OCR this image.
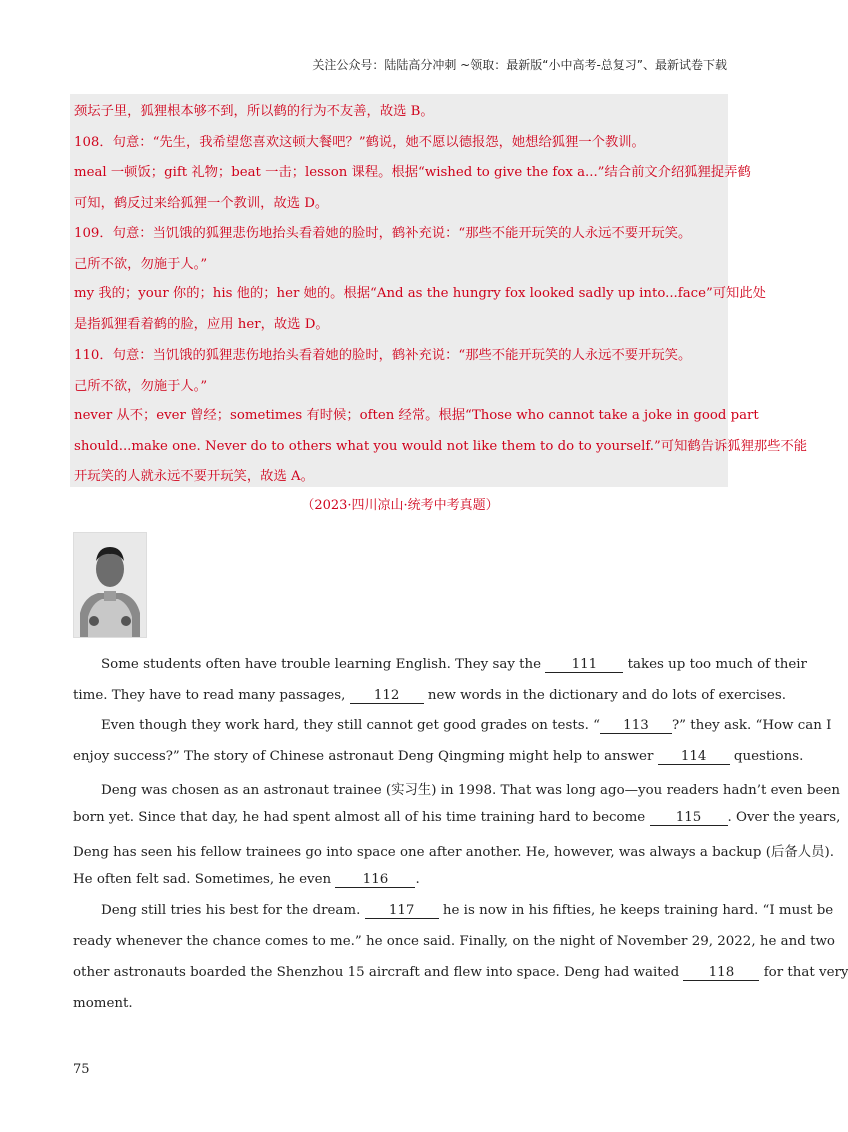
关注公众号：陆陆高分冲刺 ~领取：最新版“小中高考-总复习”、最新试卷下载

颈坛子里，狐狸根本够不到，所以鹤的行为不友善，故选 B。

108．句意：“先生，我希望您喜欢这顿大餐吧？”鹤说，她不愿以德报怨，她想给狐狸一个教训。

meal 一顿饭；gift 礼物；beat 一击；lesson 课程。根据“wished to give the fox a...”结合前文介绍狐狸捉弄鹤

可知，鹤反过来给狐狸一个教训，故选 D。

109．句意：当饥饿的狐狸悲伤地抬头看着她的脸时，鹤补充说：“那些不能开玩笑的人永远不要开玩笑。

己所不欲，勿施于人。”

my 我的；your 你的；his 他的；her 她的。根据“And as the hungry fox looked sadly up into...face”可知此处

是指狐狸看着鹤的脸，应用 her，故选 D。

110．句意：当饥饿的狐狸悲伤地抬头看着她的脸时，鹤补充说：“那些不能开玩笑的人永远不要开玩笑。

己所不欲，勿施于人。”

never 从不；ever 曾经；sometimes 有时候；often 经常。根据“Those who cannot take a joke in good part

should...make one. Never do to others what you would not like them to do to yourself.”可知鹤告诉狐狸那些不能

开玩笑的人就永远不要开玩笑，故选 A。

（2023·四川凉山·统考中考真题）

Some students often have trouble learning English. They say the 111 takes up too much of their

time. They have to read many passages, 112 new words in the dictionary and do lots of exercises.

Even though they work hard, they still cannot get good grades on tests. “ 113 ?” they ask. “How can I

enjoy success?” The story of Chinese astronaut Deng Qingming might help to answer 114 questions.

Deng was chosen as an astronaut trainee (实习生) in 1998. That was long ago—you readers hadn’t even been

born yet. Since that day, he had spent almost all of his time training hard to become 115 . Over the years,

Deng has seen his fellow trainees go into space one after another. He, however, was always a backup (后备人员).

He often felt sad. Sometimes, he even 116 .

Deng still tries his best for the dream. 117 he is now in his fifties, he keeps training hard. “I must be

ready whenever the chance comes to me.” he once said. Finally, on the night of November 29, 2022, he and two

other astronauts boarded the Shenzhou 15 aircraft and flew into space. Deng had waited 118 for that very

moment.

75
